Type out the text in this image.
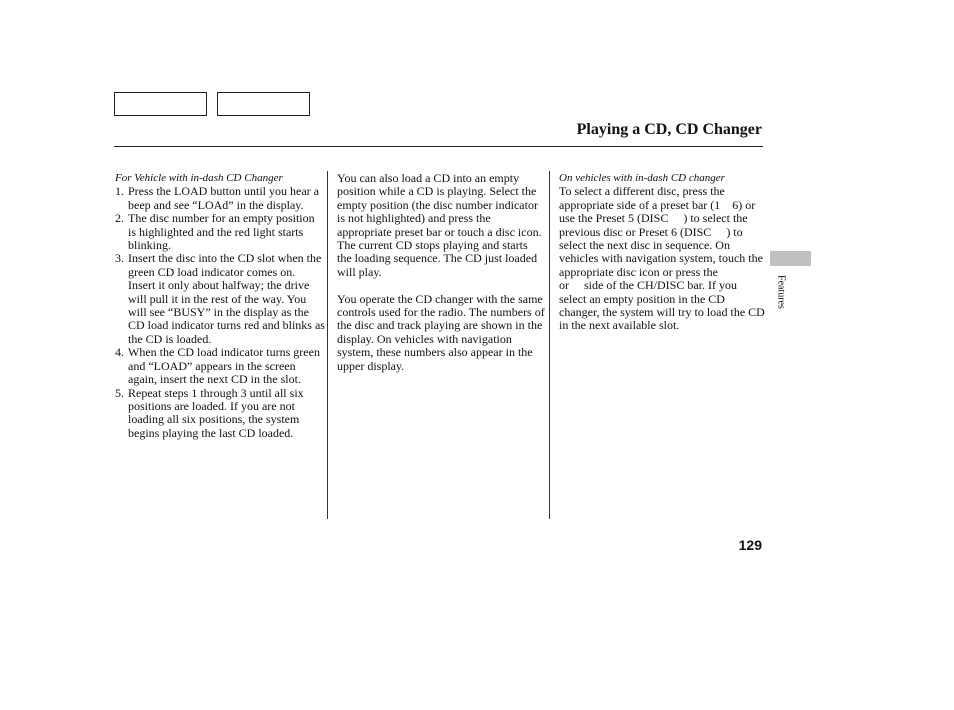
Playing a CD, CD Changer
For Vehicle with in-dash CD Changer
1. Press the LOAD button until you hear a beep and see “LOAd” in the display.
2. The disc number for an empty position is highlighted and the red light starts blinking.
3. Insert the disc into the CD slot when the green CD load indicator comes on. Insert it only about halfway; the drive will pull it in the rest of the way. You will see “BUSY” in the display as the CD load indicator turns red and blinks as the CD is loaded.
4. When the CD load indicator turns green and “LOAD” appears in the screen again, insert the next CD in the slot.
5. Repeat steps 1 through 3 until all six positions are loaded. If you are not loading all six positions, the system begins playing the last CD loaded.

You can also load a CD into an empty position while a CD is playing. Select the empty position (the disc number indicator is not highlighted) and press the appropriate preset bar or touch a disc icon. The current CD stops playing and starts the loading sequence. The CD just loaded will play.

You operate the CD changer with the same controls used for the radio. The numbers of the disc and track playing are shown in the display. On vehicles with navigation system, these numbers also appear in the upper display.

On vehicles with in-dash CD changer
To select a different disc, press the appropriate side of a preset bar (1    6) or use the Preset 5 (DISC     ) to select the previous disc or Preset 6 (DISC     ) to select the next disc in sequence. On vehicles with navigation system, touch the appropriate disc icon or press the or     side of the CH/DISC bar. If you select an empty position in the CD changer, the system will try to load the CD in the next available slot.
Features
129
